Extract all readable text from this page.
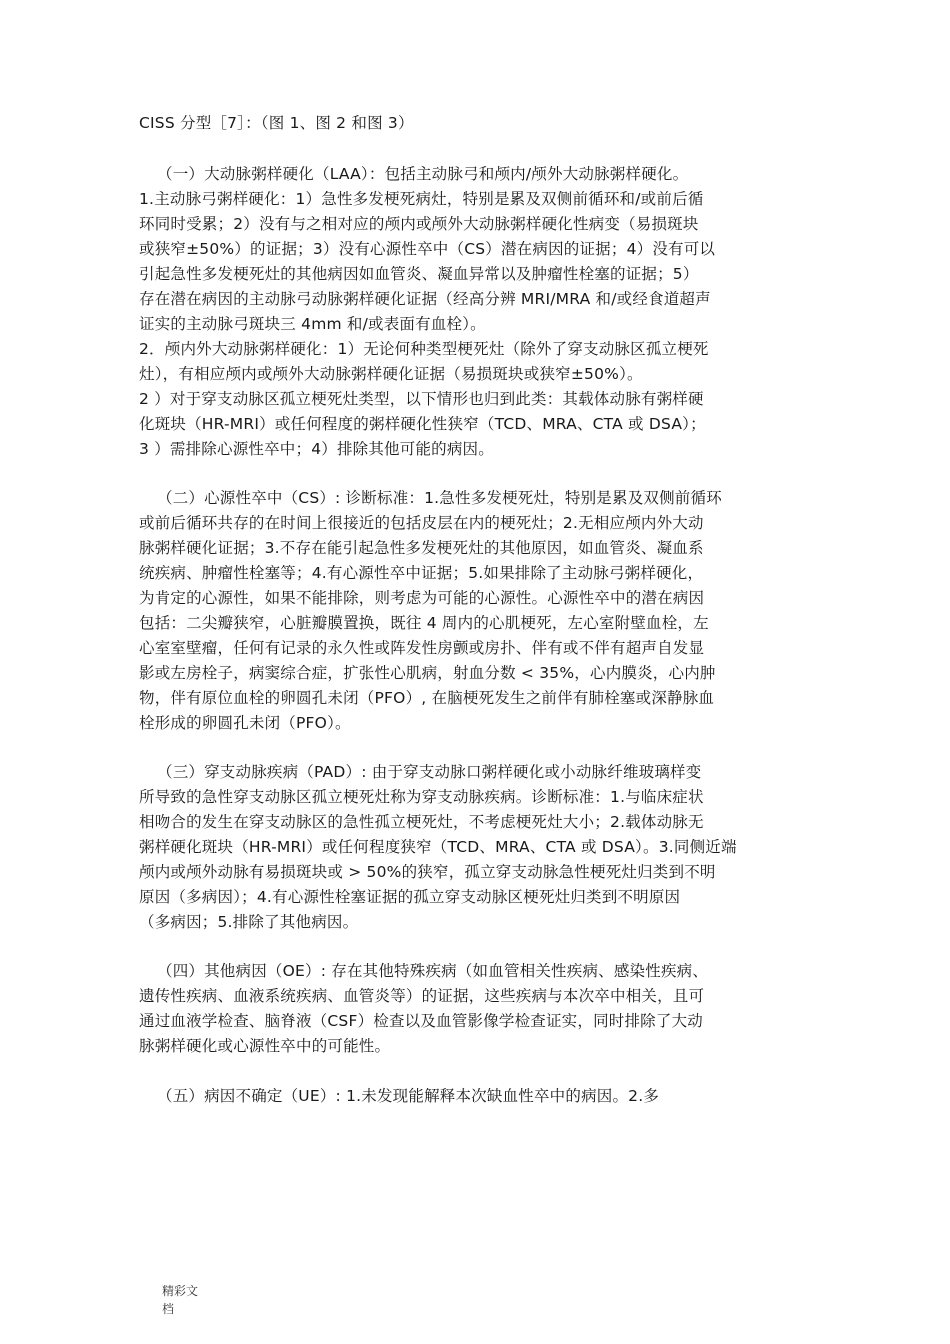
CISS 分型［7］：（图 1、图 2 和图 3）
（一）大动脉粥样硬化（LAA）：包括主动脉弓和颅内/颅外大动脉粥样硬化。
1.主动脉弓粥样硬化：1）急性多发梗死病灶，特别是累及双侧前循环和/或前后循
环同时受累；2）没有与之相对应的颅内或颅外大动脉粥样硬化性病变（易损斑块
或狭窄±50%）的证据；3）没有心源性卒中（CS）潜在病因的证据；4）没有可以
引起急性多发梗死灶的其他病因如血管炎、凝血异常以及肿瘤性栓塞的证据；5）
存在潜在病因的主动脉弓动脉粥样硬化证据（经高分辨 MRI/MRA 和/或经食道超声
证实的主动脉弓斑块三 4mm 和/或表面有血栓）。
2．颅内外大动脉粥样硬化：1）无论何种类型梗死灶（除外了穿支动脉区孤立梗死
灶），有相应颅内或颅外大动脉粥样硬化证据（易损斑块或狭窄±50%）。
2 ）对于穿支动脉区孤立梗死灶类型，以下情形也归到此类：其载体动脉有粥样硬
化斑块（HR-MRI）或任何程度的粥样硬化性狭窄（TCD、MRA、CTA 或 DSA）；
3 ）需排除心源性卒中；4）排除其他可能的病因。
（二）心源性卒中（CS）: 诊断标准：1.急性多发梗死灶，特别是累及双侧前循环
或前后循环共存的在时间上很接近的包括皮层在内的梗死灶；2.无相应颅内外大动
脉粥样硬化证据；3.不存在能引起急性多发梗死灶的其他原因，如血管炎、凝血系
统疾病、肿瘤性栓塞等；4.有心源性卒中证据；5.如果排除了主动脉弓粥样硬化，
为肯定的心源性，如果不能排除，则考虑为可能的心源性。心源性卒中的潜在病因
包括：二尖瓣狭窄，心脏瓣膜置换，既往 4 周内的心肌梗死，左心室附壁血栓，左
心室室壁瘤，任何有记录的永久性或阵发性房颤或房扑、伴有或不伴有超声自发显
影或左房栓子，病窦综合症，扩张性心肌病，射血分数 < 35%，心内膜炎，心内肿
物，伴有原位血栓的卵圆孔未闭（PFO）, 在脑梗死发生之前伴有肺栓塞或深静脉血
栓形成的卵圆孔未闭（PFO）。
（三）穿支动脉疾病（PAD）: 由于穿支动脉口粥样硬化或小动脉纤维玻璃样变
所导致的急性穿支动脉区孤立梗死灶称为穿支动脉疾病。诊断标准：1.与临床症状
相吻合的发生在穿支动脉区的急性孤立梗死灶，不考虑梗死灶大小；2.载体动脉无
粥样硬化斑块（HR-MRI）或任何程度狭窄（TCD、MRA、CTA 或 DSA）。3.同侧近端
颅内或颅外动脉有易损斑块或 > 50%的狭窄，孤立穿支动脉急性梗死灶归类到不明
原因（多病因）；4.有心源性栓塞证据的孤立穿支动脉区梗死灶归类到不明原因
（多病因；5.排除了其他病因。
（四）其他病因（OE）: 存在其他特殊疾病（如血管相关性疾病、感染性疾病、
遗传性疾病、血液系统疾病、血管炎等）的证据，这些疾病与本次卒中相关，且可
通过血液学检查、脑脊液（CSF）检查以及血管影像学检查证实，同时排除了大动
脉粥样硬化或心源性卒中的可能性。
（五）病因不确定（UE）: 1.未发现能解释本次缺血性卒中的病因。2.多
精彩文
档
